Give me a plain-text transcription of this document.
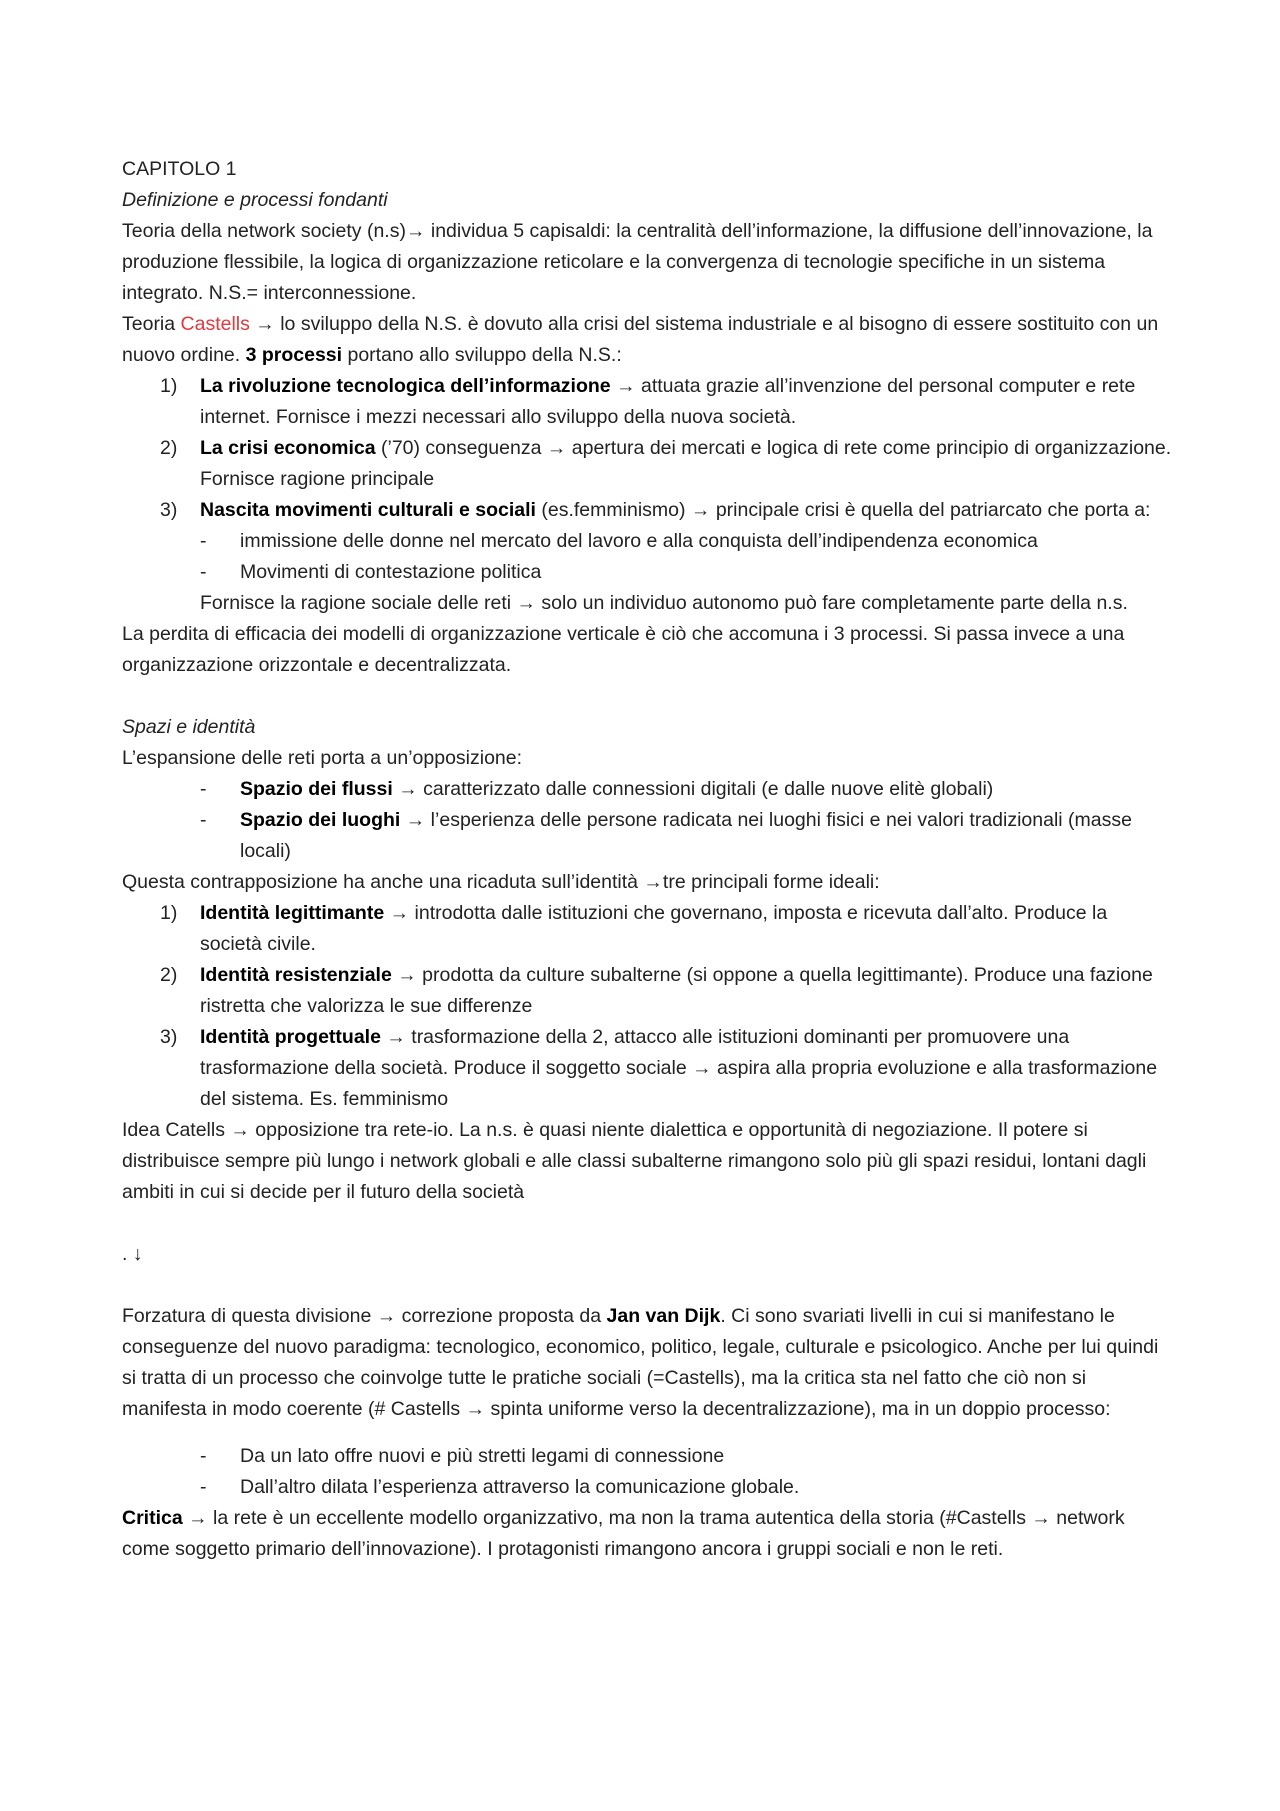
CAPITOLO 1

Definizione e processi fondanti

Teoria della network society (n.s)→ individua 5 capisaldi: la centralità dell’informazione, la diffusione dell’innovazione, la produzione flessibile, la logica di organizzazione reticolare e la convergenza di tecnologie specifiche in un sistema integrato. N.S.= interconnessione.

Teoria Castells → lo sviluppo della N.S. è dovuto alla crisi del sistema industriale e al bisogno di essere sostituito con un nuovo ordine. 3 processi portano allo sviluppo della N.S.:

1) La rivoluzione tecnologica dell’informazione → attuata grazie all’invenzione del personal computer e rete internet. Fornisce i mezzi necessari allo sviluppo della nuova società.
2) La crisi economica (’70) conseguenza → apertura dei mercati e logica di rete come principio di organizzazione. Fornisce ragione principale
3) Nascita movimenti culturali e sociali (es.femminismo) → principale crisi è quella del patriarcato che porta a:
- immissione delle donne nel mercato del lavoro e alla conquista dell’indipendenza economica
- Movimenti di contestazione politica

Fornisce la ragione sociale delle reti → solo un individuo autonomo può fare completamente parte della n.s.

La perdita di efficacia dei modelli di organizzazione verticale è ciò che accomuna i 3 processi. Si passa invece a una organizzazione orizzontale e decentralizzata.

Spazi e identità

L’espansione delle reti porta a un’opposizione:

- Spazio dei flussi → caratterizzato dalle connessioni digitali (e dalle nuove elitè globali)
- Spazio dei luoghi → l’esperienza delle persone radicata nei luoghi fisici e nei valori tradizionali (masse locali)

Questa contrapposizione ha anche una ricaduta sull’identità →tre principali forme ideali:

1) Identità legittimante → introdotta dalle istituzioni che governano, imposta e ricevuta dall’alto. Produce la società civile.
2) Identità resistenziale → prodotta da culture subalterne (si oppone a quella legittimante). Produce una fazione ristretta che valorizza le sue differenze
3) Identità progettuale → trasformazione della 2, attacco alle istituzioni dominanti per promuovere una trasformazione della società. Produce il soggetto sociale → aspira alla propria evoluzione e alla trasformazione del sistema. Es. femminismo

Idea Catells → opposizione tra rete-io. La n.s. è quasi niente dialettica e opportunità di negoziazione. Il potere si distribuisce sempre più lungo i network globali e alle classi subalterne rimangono solo più gli spazi residui, lontani dagli ambiti in cui si decide per il futuro della società

. ↓

Forzatura di questa divisione → correzione proposta da Jan van Dijk. Ci sono svariati livelli in cui si manifestano le conseguenze del nuovo paradigma: tecnologico, economico, politico, legale, culturale e psicologico. Anche per lui quindi si tratta di un processo che coinvolge tutte le pratiche sociali (=Castells), ma la critica sta nel fatto che ciò non si manifesta in modo coerente (# Castells → spinta uniforme verso la decentralizzazione), ma in un doppio processo:

- Da un lato offre nuovi e più stretti legami di connessione
- Dall’altro dilata l’esperienza attraverso la comunicazione globale.

Critica → la rete è un eccellente modello organizzativo, ma non la trama autentica della storia (#Castells → network come soggetto primario dell’innovazione). I protagonisti rimangono ancora i gruppi sociali e non le reti.
